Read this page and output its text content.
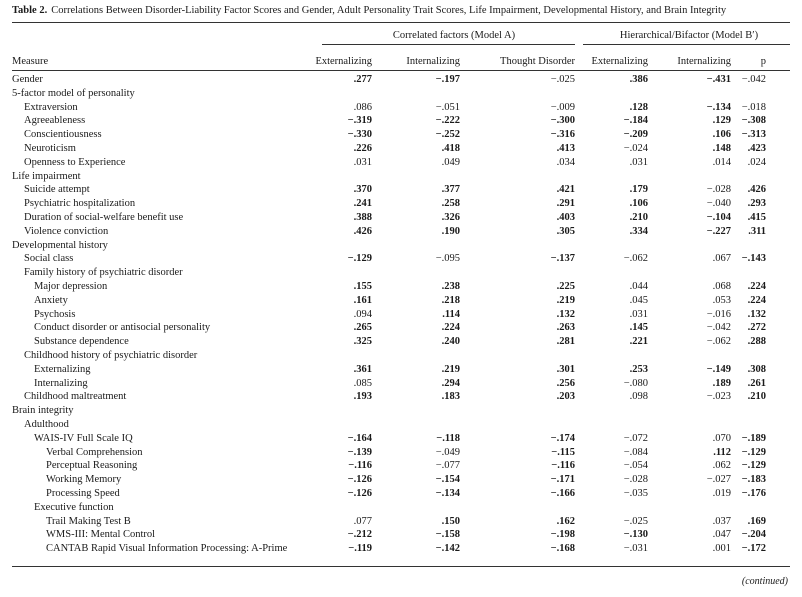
Table 2. Correlations Between Disorder-Liability Factor Scores and Gender, Adult Personality Trait Scores, Life Impairment, Developmental History, and Brain Integrity
Correlated factors (Model A)	Hierarchical/Bifactor (Model B′)
Measure	Externalizing	Internalizing	Thought Disorder	Externalizing	Internalizing	p
Gender	.277	−.197	−.025	.386	−.431	−.042	
5-factor model of personality							
Extraversion	.086	−.051	−.009	.128	−.134	−.018	
Agreeableness	−.319	−.222	−.300	−.184	.129	−.308	
Conscientiousness	−.330	−.252	−.316	−.209	.106	−.313	
Neuroticism	.226	.418	.413	−.024	.148	.423	
Openness to Experience	.031	.049	.034	.031	.014	.024	
Life impairment							
Suicide attempt	.370	.377	.421	.179	−.028	.426	
Psychiatric hospitalization	.241	.258	.291	.106	−.040	.293	
Duration of social-welfare benefit use	.388	.326	.403	.210	−.104	.415	
Violence conviction	.426	.190	.305	.334	−.227	.311	
Developmental history							
Social class	−.129	−.095	−.137	−.062	.067	−.143	
Family history of psychiatric disorder							
Major depression	.155	.238	.225	.044	.068	.224	
Anxiety	.161	.218	.219	.045	.053	.224	
Psychosis	.094	.114	.132	.031	−.016	.132	
Conduct disorder or antisocial personality	.265	.224	.263	.145	−.042	.272	
Substance dependence	.325	.240	.281	.221	−.062	.288	
Childhood history of psychiatric disorder							
Externalizing	.361	.219	.301	.253	−.149	.308	
Internalizing	.085	.294	.256	−.080	.189	.261	
Childhood maltreatment	.193	.183	.203	.098	−.023	.210	
Brain integrity							
Adulthood							
WAIS-IV Full Scale IQ	−.164	−.118	−.174	−.072	.070	−.189	
Verbal Comprehension	−.139	−.049	−.115	−.084	.112	−.129	
Perceptual Reasoning	−.116	−.077	−.116	−.054	.062	−.129	
Working Memory	−.126	−.154	−.171	−.028	−.027	−.183	
Processing Speed	−.126	−.134	−.166	−.035	.019	−.176	
Executive function							
Trail Making Test B	.077	.150	.162	−.025	.037	.169	
WMS-III: Mental Control	−.212	−.158	−.198	−.130	.047	−.204	
CANTAB Rapid Visual Information Processing: A-Prime	−.119	−.142	−.168	−.031	.001	−.172	
(continued)
